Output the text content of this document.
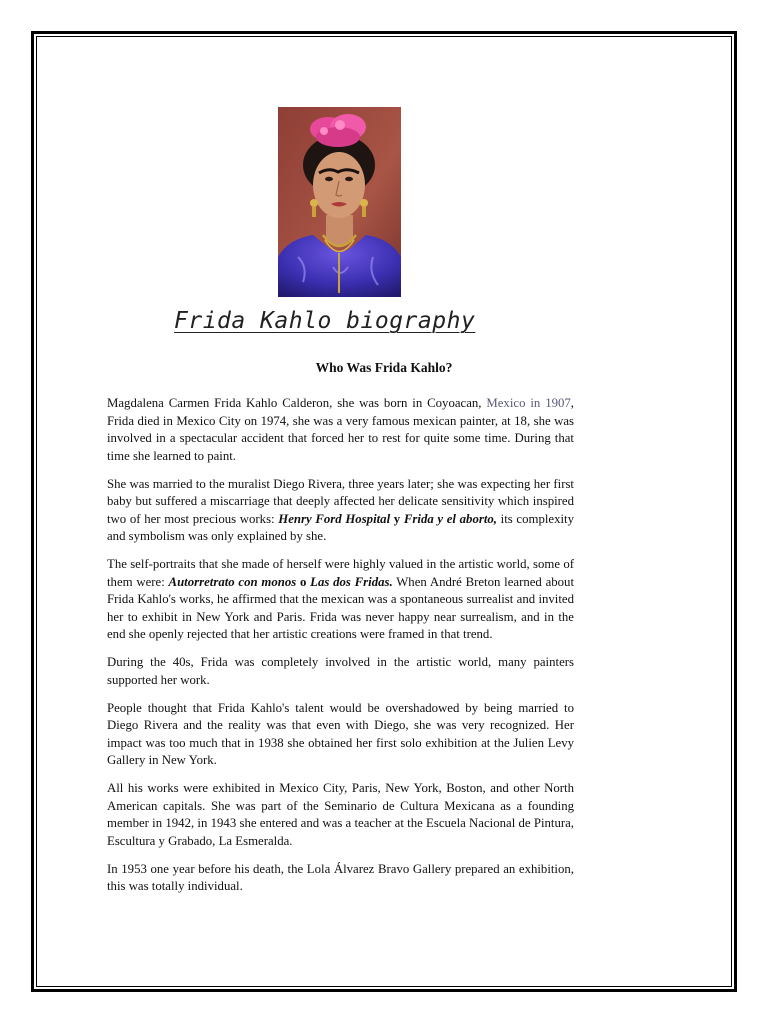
Frida Kahlo biography
Who Was Frida Kahlo?

Magdalena Carmen Frida Kahlo Calderon, she was born in Coyoacan, Mexico in 1907, Frida died in Mexico City on 1974, she was a very famous mexican painter, at 18, she was involved in a spectacular accident that forced her to rest for quite some time. During that time she learned to paint.

She was married to the muralist Diego Rivera, three years later; she was expecting her first baby but suffered a miscarriage that deeply affected her delicate sensitivity which inspired two of her most precious works: Henry Ford Hospital y Frida y el aborto, its complexity and symbolism was only explained by she.

The self-portraits that she made of herself were highly valued in the artistic world, some of them were: Autorretrato con monos o Las dos Fridas. When André Breton learned about Frida Kahlo's works, he affirmed that the mexican was a spontaneous surrealist and invited her to exhibit in New York and Paris. Frida was never happy near surrealism, and in the end she openly rejected that her artistic creations were framed in that trend.

During the 40s, Frida was completely involved in the artistic world, many painters supported her work.

People thought that Frida Kahlo's talent would be overshadowed by being married to Diego Rivera and the reality was that even with Diego, she was very recognized. Her impact was too much that in 1938 she obtained her first solo exhibition at the Julien Levy Gallery in New York.

All his works were exhibited in Mexico City, Paris, New York, Boston, and other North American capitals. She was part of the Seminario de Cultura Mexicana as a founding member in 1942, in 1943 she entered and was a teacher at the Escuela Nacional de Pintura, Escultura y Grabado, La Esmeralda.

In 1953 one year before his death, the Lola Álvarez Bravo Gallery prepared an exhibition, this was totally individual.
